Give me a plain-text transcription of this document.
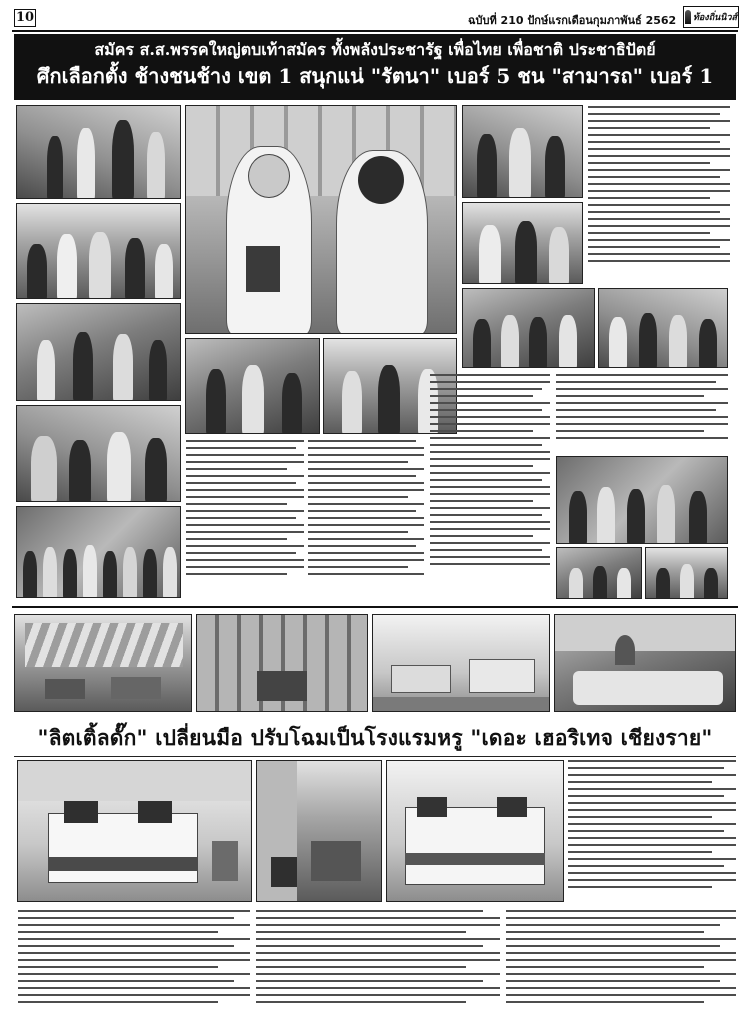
10	ฉบับที่ 210 ปักษ์แรกเดือนกุมภาพันธ์ 2562 ท้องถิ่นนิวส์
สมัคร ส.ส.พรรคใหญ่ตบเท้าสมัคร ทั้งพลังประชารัฐ เพื่อไทย เพื่อชาติ ประชาธิปัตย์
ศึกเลือกตั้ง ช้างชนช้าง เขต 1 สนุกแน่ "รัตนา" เบอร์ 5 ชน "สามารถ" เบอร์ 1
"ลิตเติ้ลดั๊ก" เปลี่ยนมือ ปรับโฉมเป็นโรงแรมหรู "เดอะ เฮอริเทจ เชียงราย"
